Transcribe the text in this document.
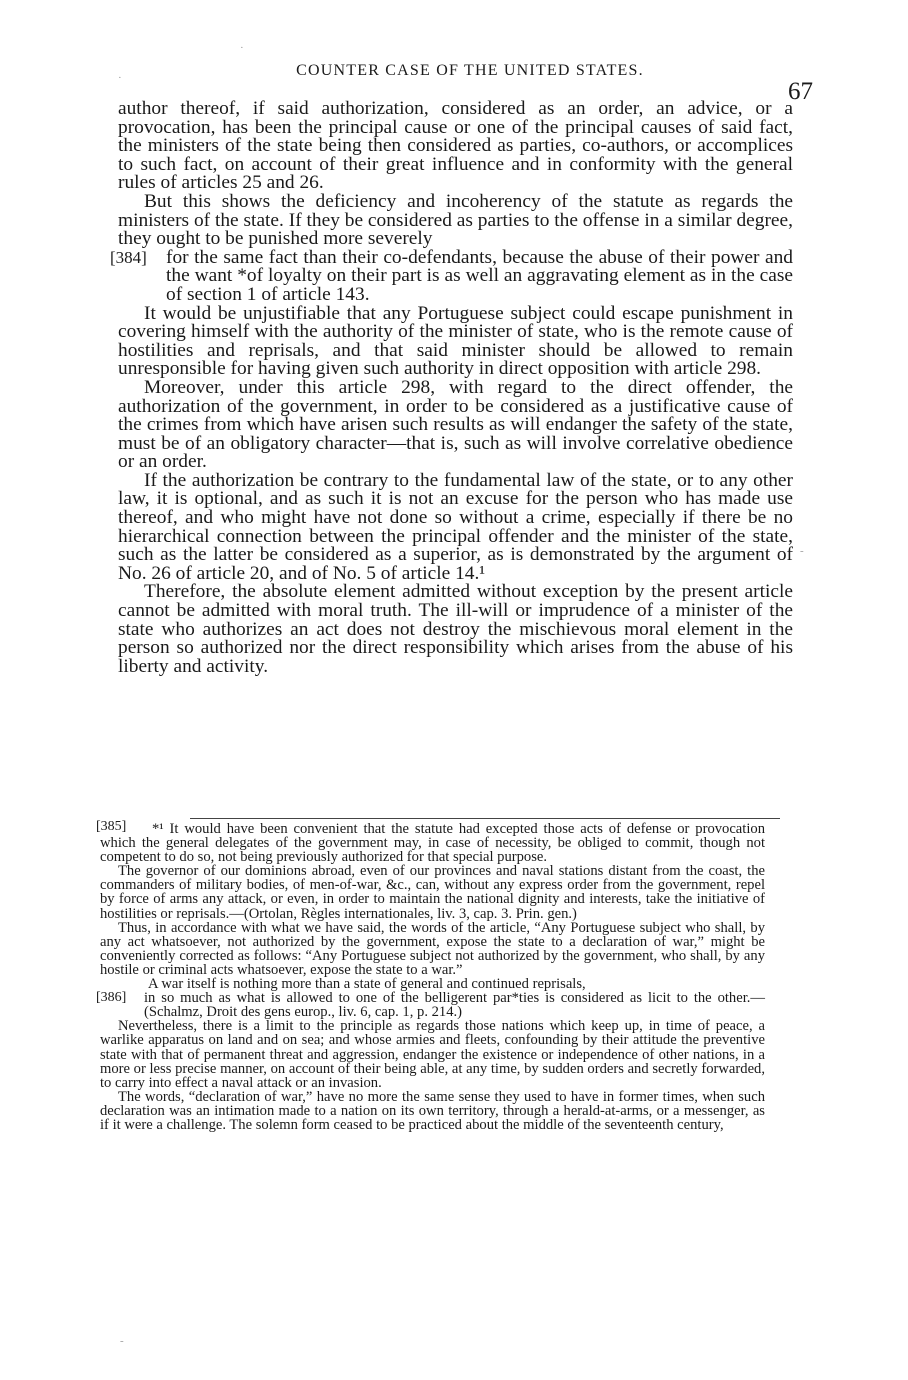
COUNTER CASE OF THE UNITED STATES.
67

author thereof, if said authorization, considered as an order, an advice, or a provocation, has been the principal cause or one of the principal causes of said fact, the ministers of the state being then considered as parties, co-authors, or accomplices to such fact, on account of their great influence and in conformity with the general rules of articles 25 and 26.

But this shows the deficiency and incoherency of the statute as regards the ministers of the state. If they be considered as parties to the offense in a similar degree, they ought to be punished more severely

[384] for the same fact than their co-defendants, because the abuse of their power and the want *of loyalty on their part is as well an aggravating element as in the case of section 1 of article 143.

It would be unjustifiable that any Portuguese subject could escape punishment in covering himself with the authority of the minister of state, who is the remote cause of hostilities and reprisals, and that said minister should be allowed to remain unresponsible for having given such authority in direct opposition with article 298.

Moreover, under this article 298, with regard to the direct offender, the authorization of the government, in order to be considered as a justificative cause of the crimes from which have arisen such results as will endanger the safety of the state, must be of an obligatory character—that is, such as will involve correlative obedience or an order.

If the authorization be contrary to the fundamental law of the state, or to any other law, it is optional, and as such it is not an excuse for the person who has made use thereof, and who might have not done so without a crime, especially if there be no hierarchical connection between the principal offender and the minister of the state, such as the latter be considered as a superior, as is demonstrated by the argument of No. 26 of article 20, and of No. 5 of article 14.¹

Therefore, the absolute element admitted without exception by the present article cannot be admitted with moral truth. The ill-will or imprudence of a minister of the state who authorizes an act does not destroy the mischievous moral element in the person so authorized nor the direct responsibility which arises from the abuse of his liberty and activity.

[385]	*¹ It would have been convenient that the statute had excepted those acts of defense or provocation which the general delegates of the government may, in case of necessity, be obliged to commit, though not competent to do so, not being previously authorized for that special purpose.

The governor of our dominions abroad, even of our provinces and naval stations distant from the coast, the commanders of military bodies, of men-of-war, &c., can, without any express order from the government, repel by force of arms any attack, or even, in order to maintain the national dignity and interests, take the initiative of hostilities or reprisals.—(Ortolan, Règles internationales, liv. 3, cap. 3. Prin. gen.)

Thus, in accordance with what we have said, the words of the article, “Any Portuguese subject who shall, by any act whatsoever, not authorized by the government, expose the state to a declaration of war,” might be conveniently corrected as follows: “Any Portuguese subject not authorized by the government, who shall, by any hostile or criminal acts whatsoever, expose the state to a war.”

A war itself is nothing more than a state of general and continued reprisals,

[386]	in so much as what is allowed to one of the belligerent par*ties is considered as licit to the other.—(Schalmz, Droit des gens europ., liv. 6, cap. 1, p. 214.)

Nevertheless, there is a limit to the principle as regards those nations which keep up, in time of peace, a warlike apparatus on land and on sea; and whose armies and fleets, confounding by their attitude the preventive state with that of permanent threat and aggression, endanger the existence or independence of other nations, in a more or less precise manner, on account of their being able, at any time, by sudden orders and secretly forwarded, to carry into effect a naval attack or an invasion.

The words, “declaration of war,” have no more the same sense they used to have in former times, when such declaration was an intimation made to a nation on its own territory, through a herald-at-arms, or a messenger, as if it were a challenge. The solemn form ceased to be practiced about the middle of the seventeenth century,

·
·
-
-
